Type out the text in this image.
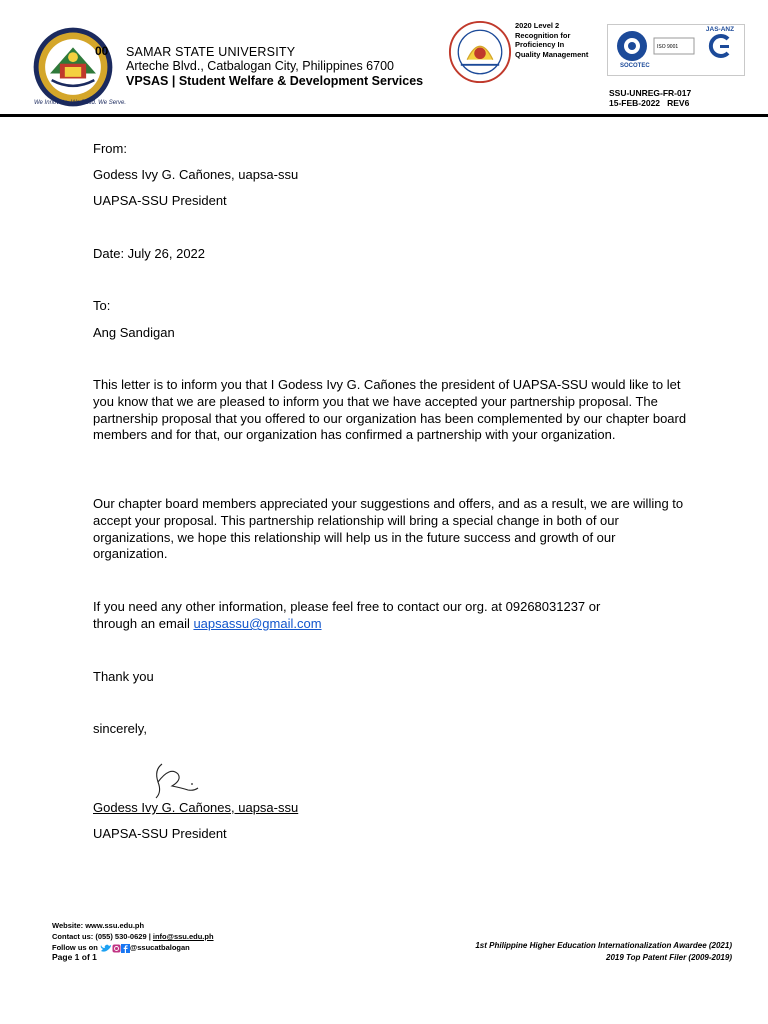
00
We Innovate. We Build. We Serve.
SAMAR STATE UNIVERSITY
Arteche Blvd., Catbalogan City, Philippines 6700
VPSAS | Student Welfare & Development Services
2020 Level 2
Recognition for
Proficiency In
Quality Management
SOCOTEC
ISO 9001
JAS-ANZ
SSU-UNREG-FR-017
15-FEB-2022   REV6
From:
Godess Ivy G. Cañones, uapsa-ssu
UAPSA-SSU President
Date: July 26, 2022
To:
Ang Sandigan
This letter is to inform you that I Godess Ivy G. Cañones the president of UAPSA-SSU would like to let you know that we are pleased to inform you that we have accepted your partnership proposal. The partnership proposal that you offered to our organization has been complemented by our chapter board members and for that, our organization has confirmed a partnership with your organization.
Our chapter board members appreciated your suggestions and offers, and as a result, we are willing to accept your proposal. This partnership relationship will bring a special change in both of our organizations, we hope this relationship will help us in the future success and growth of our organization.
If you need any other information, please feel free to contact our org. at 09268031237 or
through an email uapsassu@gmail.com
Thank you
sincerely,
Godess Ivy G. Cañones, uapsa-ssu
UAPSA-SSU President
Website: www.ssu.edu.ph
Contact us: (055) 530-0629 | info@ssu.edu.ph
Follow us on	@ssucatbalogan
Page 1 of 1
1st Philippine Higher Education Internationalization Awardee (2021)
2019 Top Patent Filer (2009-2019)
